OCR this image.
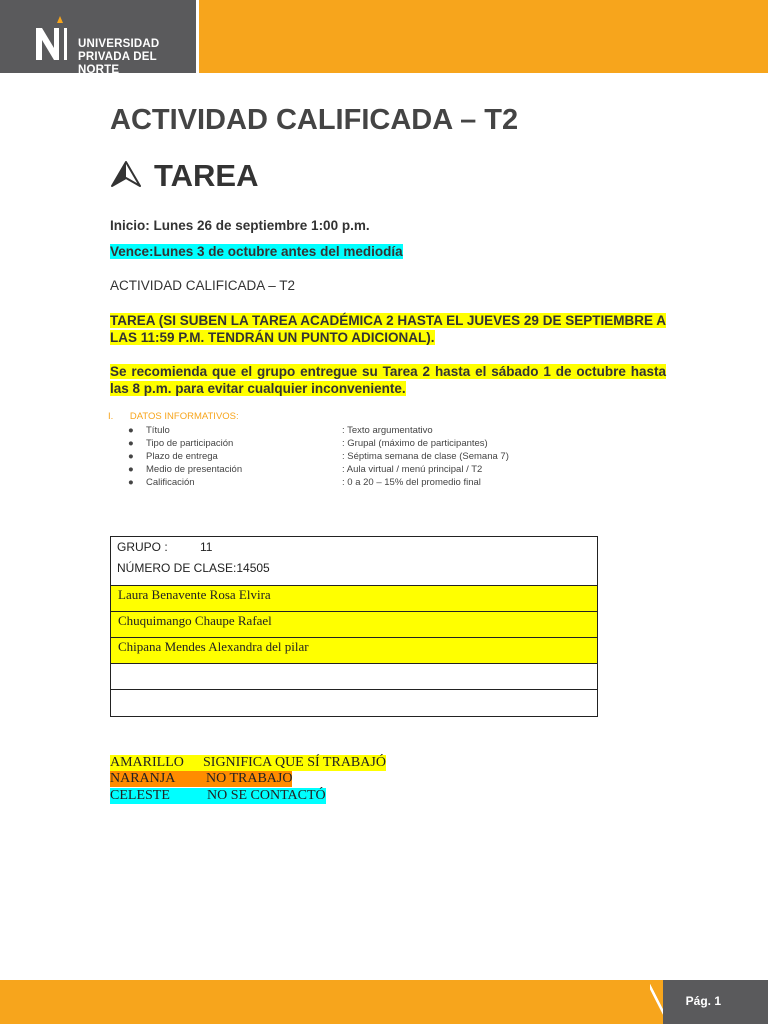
UNIVERSIDAD
PRIVADA DEL NORTE
ACTIVIDAD CALIFICADA – T2
TAREA
Inicio: Lunes 26 de septiembre 1:00 p.m.
Vence:Lunes 3 de octubre antes del mediodía
ACTIVIDAD CALIFICADA – T2
TAREA (SI SUBEN LA TAREA ACADÉMICA 2 HASTA EL JUEVES 29 DE SEPTIEMBRE A LAS 11:59 P.M. TENDRÁN UN PUNTO ADICIONAL).
Se recomienda que el grupo entregue su Tarea 2 hasta el sábado 1 de octubre hasta las 8 p.m. para evitar cualquier inconveniente.
I. DATOS INFORMATIVOS:
● Título	: Texto argumentativo
● Tipo de participación	: Grupal (máximo de participantes)
● Plazo de entrega	: Séptima semana de clase (Semana 7)
● Medio de presentación	: Aula virtual / menú principal / T2
● Calificación	: 0 a 20 – 15% del promedio final
GRUPO :	11
NÚMERO DE CLASE:14505
Laura Benavente Rosa Elvira
Chuquimango Chaupe Rafael
Chipana Mendes Alexandra del pilar
AMARILLO SIGNIFICA QUE SÍ TRABAJÓ
NARANJA NO TRABAJO
CELESTE	NO SE CONTACTÓ
Pág. 1
